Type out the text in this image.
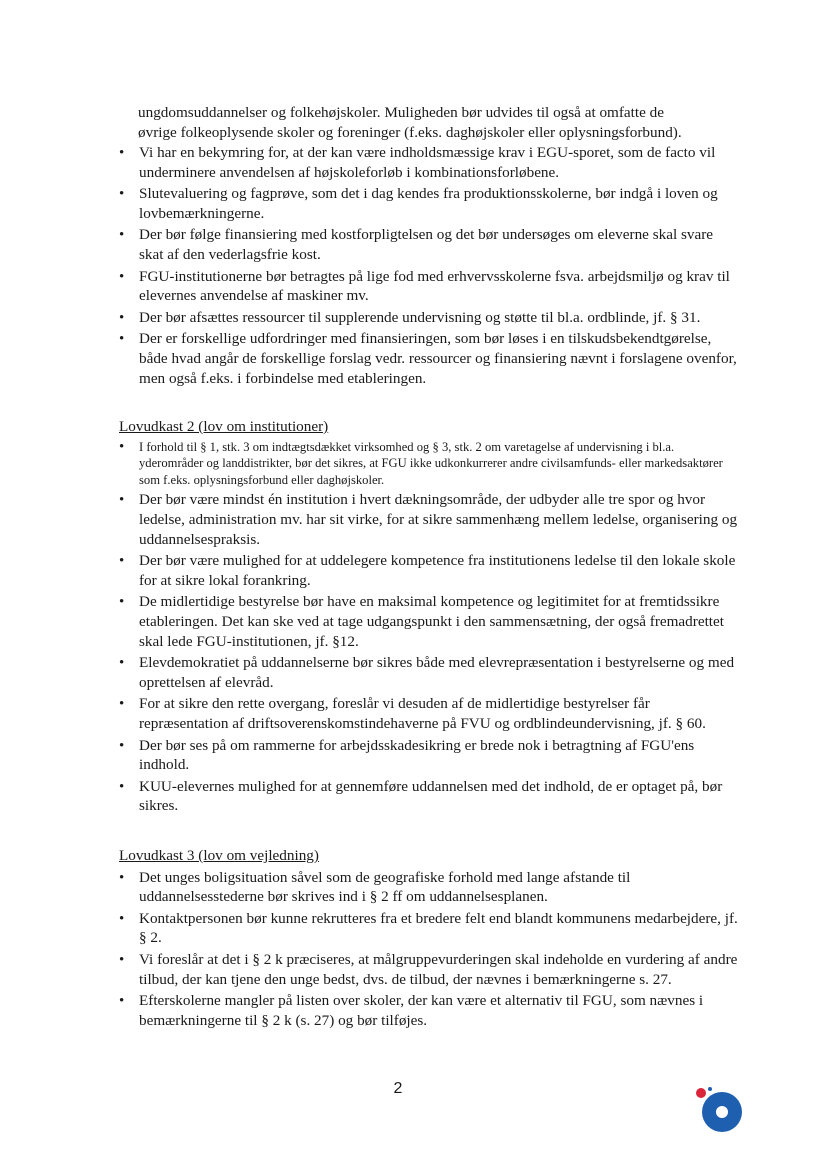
ungdomsuddannelser og folkehøjskoler. Muligheden bør udvides til også at omfatte de
øvrige folkeoplysende skoler og foreninger (f.eks. daghøjskoler eller oplysningsforbund).
•
Vi har en bekymring for, at der kan være indholdsmæssige krav i EGU-sporet, som de facto vil underminere anvendelsen af højskoleforløb i kombinationsforløbene.
•
Slutevaluering og fagprøve, som det i dag kendes fra produktionsskolerne, bør indgå i loven og lovbemærkningerne.
•
Der bør følge finansiering med kostforpligtelsen og det bør undersøges om eleverne skal svare skat af den vederlagsfrie kost.
•
FGU-institutionerne bør betragtes på lige fod med erhvervsskolerne fsva. arbejdsmiljø og krav til elevernes anvendelse af maskiner mv.
•
Der bør afsættes ressourcer til supplerende undervisning og støtte til bl.a. ordblinde, jf. § 31.
•
Der er forskellige udfordringer med finansieringen, som bør løses i en tilskudsbekendtgørelse, både hvad angår de forskellige forslag vedr. ressourcer og finansiering nævnt i forslagene ovenfor, men også f.eks. i forbindelse med etableringen.
Lovudkast 2 (lov om institutioner)
•
I forhold til § 1, stk. 3 om indtægtsdækket virksomhed og § 3, stk. 2 om varetagelse af undervisning i bl.a. yderområder og landdistrikter, bør det sikres, at FGU ikke udkonkurrerer andre civilsamfunds- eller markedsaktører som f.eks. oplysningsforbund eller daghøjskoler.
•
Der bør være mindst én institution i hvert dækningsområde, der udbyder alle tre spor og hvor ledelse, administration mv. har sit virke, for at sikre sammenhæng mellem ledelse, organisering og uddannelsespraksis.
•
Der bør være mulighed for at uddelegere kompetence fra institutionens ledelse til den lokale skole for at sikre lokal forankring.
•
De midlertidige bestyrelse bør have en maksimal kompetence og legitimitet for at fremtidssikre etableringen. Det kan ske ved at tage udgangspunkt i den sammensætning, der også fremadrettet skal lede FGU-institutionen, jf. §12.
•
Elevdemokratiet på uddannelserne bør sikres både med elevrepræsentation i bestyrelserne og med oprettelsen af elevråd.
•
For at sikre den rette overgang, foreslår vi desuden af de midlertidige bestyrelser får repræsentation af driftsoverenskomstindehaverne på FVU og ordblindeundervisning, jf. § 60.
•
Der bør ses på om rammerne for arbejdsskadesikring er brede nok i betragtning af FGU'ens indhold.
•
KUU-elevernes mulighed for at gennemføre uddannelsen med det indhold, de er optaget på, bør sikres.
Lovudkast 3 (lov om vejledning)
•
Det unges boligsituation såvel som de geografiske forhold med lange afstande til uddannelsesstederne bør skrives ind i § 2 ff om uddannelsesplanen.
•
Kontaktpersonen bør kunne rekrutteres fra et bredere felt end blandt kommunens medarbejdere, jf. § 2.
•
Vi foreslår at det i § 2 k præciseres, at målgruppevurderingen skal indeholde en vurdering af andre tilbud, der kan tjene den unge bedst, dvs. de tilbud, der nævnes i bemærkningerne s. 27.
•
Efterskolerne mangler på listen over skoler, der kan være et alternativ til FGU, som nævnes i bemærkningerne til § 2 k (s. 27) og bør tilføjes.
2
